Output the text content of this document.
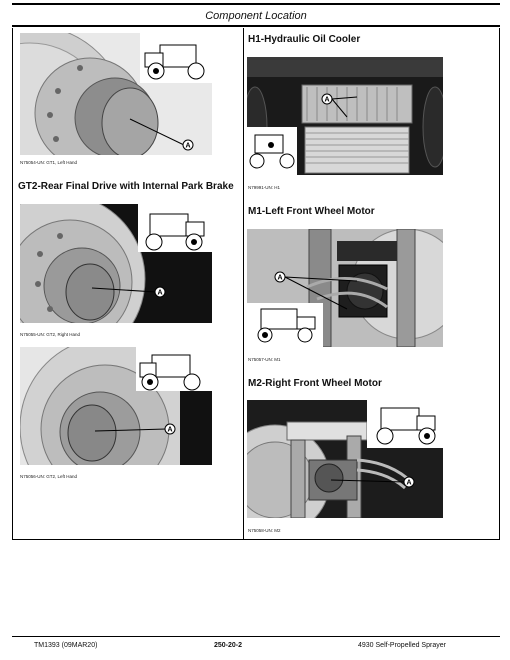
Component Location
A
N75054-UN: GT1, Left Hand
GT2-Rear Final Drive with Internal Park Brake
A
N75055-UN: GT2, Right Hand
A
N75056-UN: GT2, Left Hand
H1-Hydraulic Oil Cooler
A
N79991-UN: H1
M1-Left Front Wheel Motor
A
N75057-UN: M1
M2-Right Front Wheel Motor
A
N75058-UN: M2
TM1393 (09MAR20)	250-20-2	4930 Self-Propelled Sprayer
